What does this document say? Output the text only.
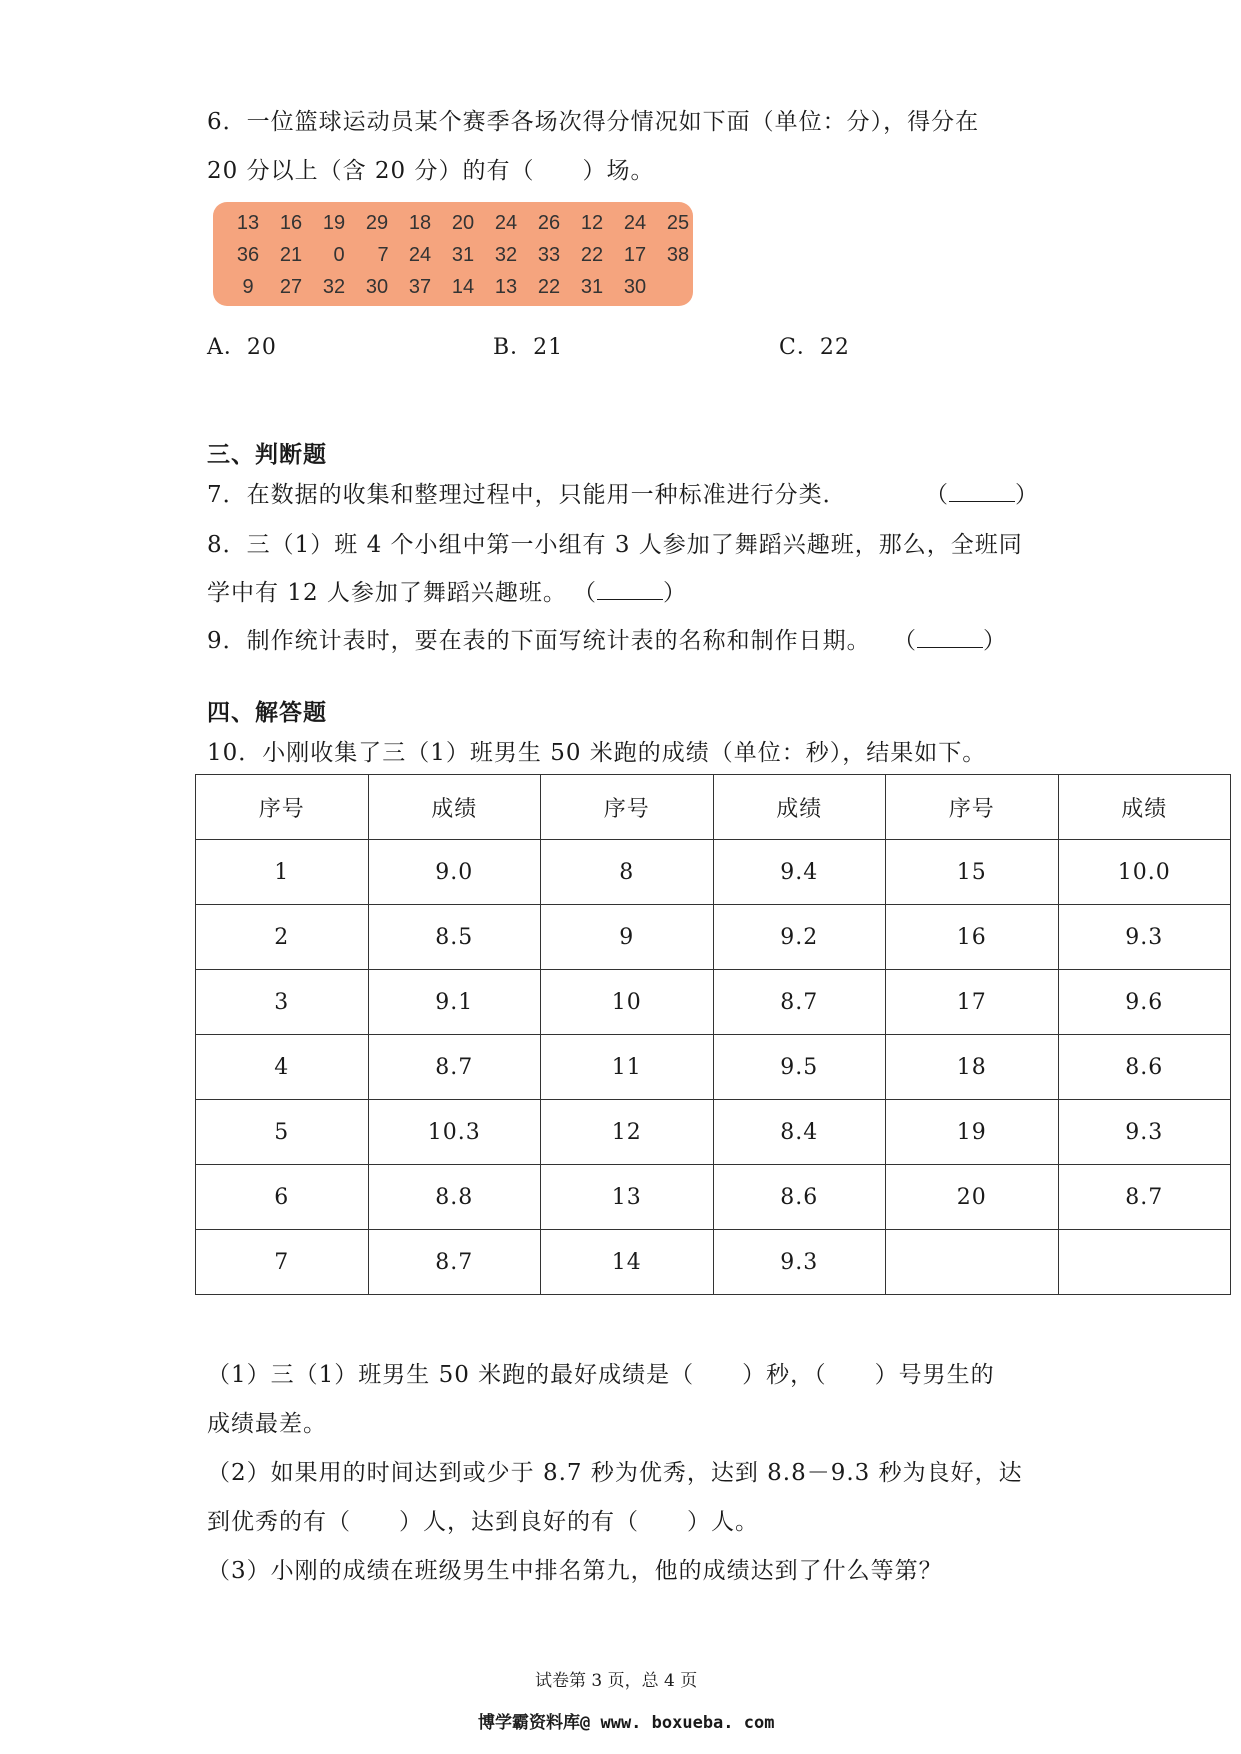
6．一位篮球运动员某个赛季各场次得分情况如下面（单位：分），得分在
20 分以上（含 20 分）的有（　　）场。
13	16	19	29	18	20	24	26	12	24	25
36	21	0	7	24	31	32	33	22	17	38
9	27	32	30	37	14	13	22	31	30
A．20	B．21	C．22
三、判断题
7．在数据的收集和整理过程中，只能用一种标准进行分类．	（	）
8．三（1）班 4 个小组中第一小组有 3 人参加了舞蹈兴趣班，那么，全班同
学中有 12 人参加了舞蹈兴趣班。 （	）
9．制作统计表时，要在表的下面写统计表的名称和制作日期。 （	）
四、解答题
10．小刚收集了三（1）班男生 50 米跑的成绩（单位：秒），结果如下。
序号	成绩	序号	成绩	序号	成绩
1	9.0	8	9.4	15	10.0
2	8.5	9	9.2	16	9.3
3	9.1	10	8.7	17	9.6
4	8.7	11	9.5	18	8.6
5	10.3	12	8.4	19	9.3
6	8.8	13	8.6	20	8.7
7	8.7	14	9.3		
（1）三（1）班男生 50 米跑的最好成绩是（　　）秒，（　　）号男生的
成绩最差。
（2）如果用的时间达到或少于 8.7 秒为优秀，达到 8.8－9.3 秒为良好，达
到优秀的有（　　）人，达到良好的有（　　）人。
（3）小刚的成绩在班级男生中排名第九，他的成绩达到了什么等第？
试卷第 3 页，总 4 页
博学霸资料库@ www. boxueba. com
